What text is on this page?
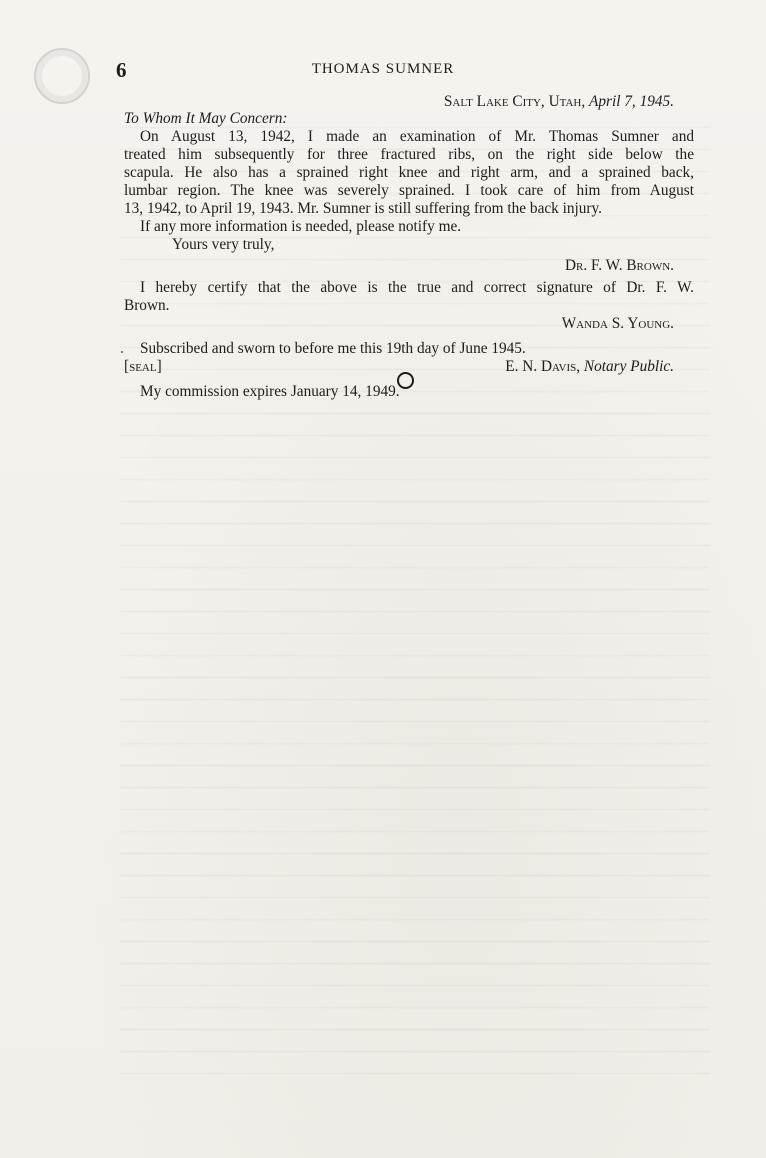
6	THOMAS SUMNER
Salt Lake City, Utah, April 7, 1945.
To Whom It May Concern:
On August 13, 1942, I made an examination of Mr. Thomas Sumner and
treated him subsequently for three fractured ribs, on the right side below the
scapula. He also has a sprained right knee and right arm, and a sprained back,
lumbar region. The knee was severely sprained. I took care of him from August
13, 1942, to April 19, 1943. Mr. Sumner is still suffering from the back injury.
If any more information is needed, please notify me.
Yours very truly,
Dr. F. W. Brown.
I hereby certify that the above is the true and correct signature of Dr. F. W.
Brown.
Wanda S. Young.
Subscribed and sworn to before me this 19th day of June 1945.
[seal]	E. N. Davis, Notary Public.
My commission expires January 14, 1949.
